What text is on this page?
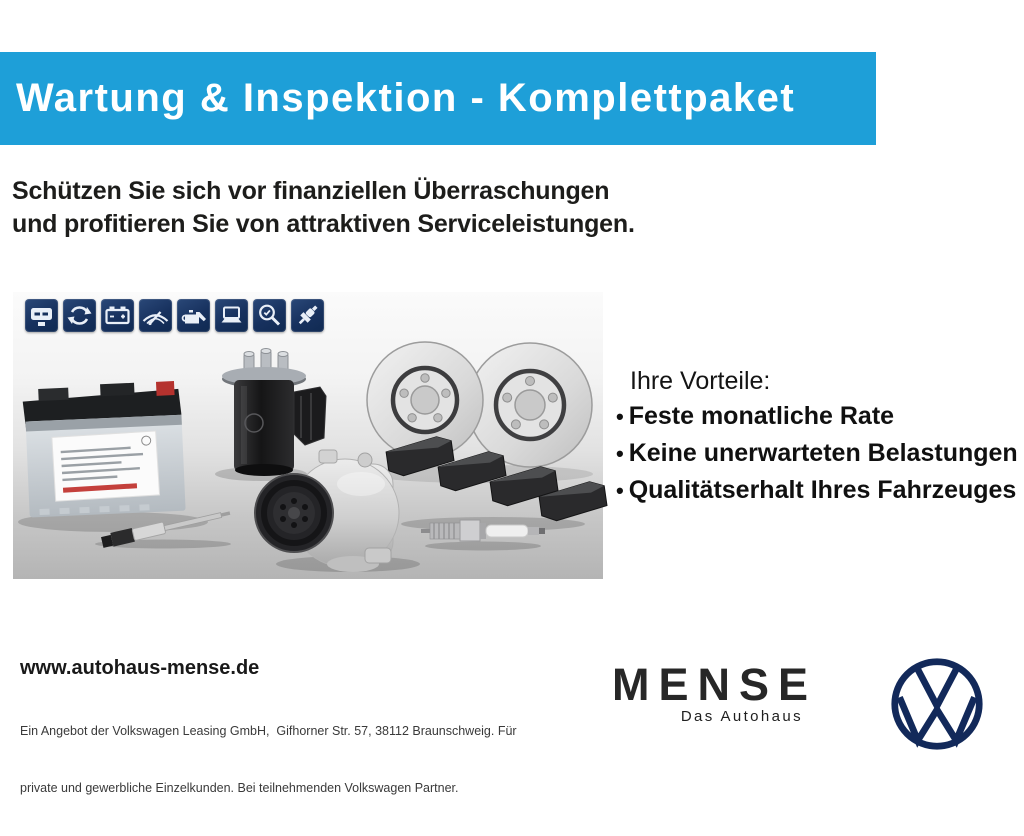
Wartung & Inspektion - Komplettpaket
Schützen Sie sich vor finanziellen Überraschungen
und profitieren Sie von attraktiven Serviceleistungen.
Ihre Vorteile:
• Feste monatliche Rate
• Keine unerwarteten Belastungen
• Qualitätserhalt Ihres Fahrzeuges
www.autohaus-mense.de

Ein Angebot der Volkswagen Leasing GmbH,  Gifhorner Str. 57, 38112 Braunschweig. Für

private und gewerbliche Einzelkunden. Bei teilnehmenden Volkswagen Partner.

MENSE
Das Autohaus
